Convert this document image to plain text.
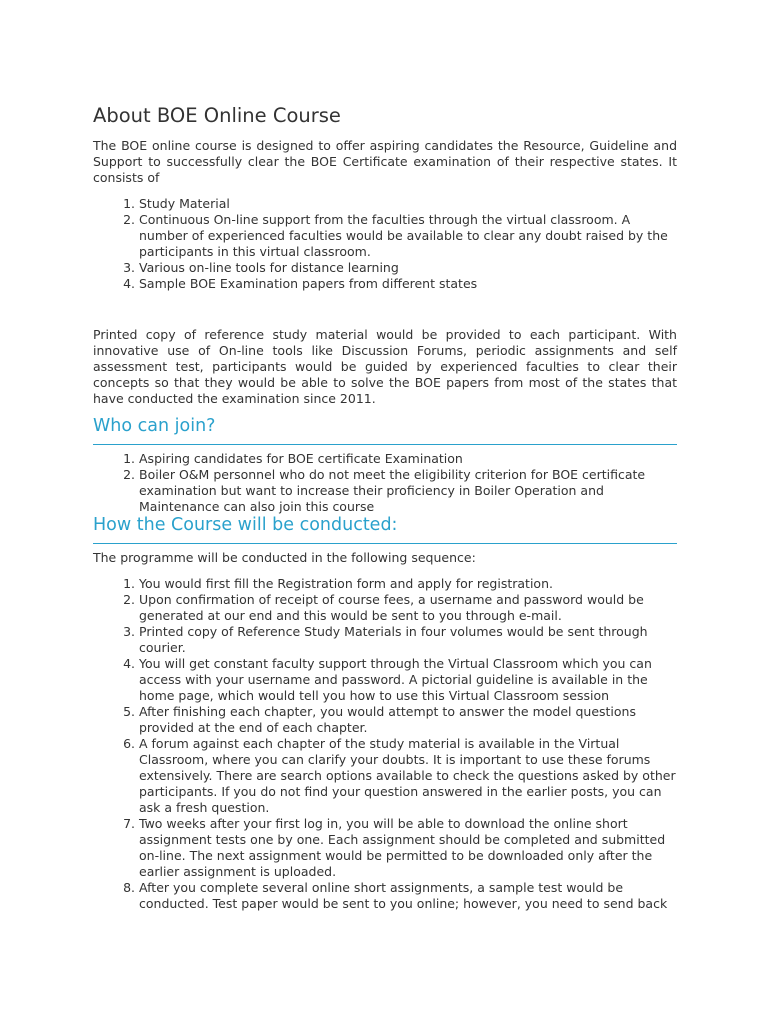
About BOE Online Course

The BOE online course is designed to offer aspiring candidates the Resource, Guideline and Support to successfully clear the BOE Certificate examination of their respective states. It consists of

1. Study Material
2. Continuous On-line support from the faculties through the virtual classroom. A number of experienced faculties would be available to clear any doubt raised by the participants in this virtual classroom.
3. Various on-line tools for distance learning
4. Sample BOE Examination papers from different states

Printed copy of reference study material would be provided to each participant. With innovative use of On-line tools like Discussion Forums, periodic assignments and self assessment test, participants would be guided by experienced faculties to clear their concepts so that they would be able to solve the BOE papers from most of the states that have conducted the examination since 2011.

Who can join?
1. Aspiring candidates for BOE certificate Examination
2. Boiler O&M personnel who do not meet the eligibility criterion for BOE certificate examination but want to increase their proficiency in Boiler Operation and Maintenance can also join this course
How the Course will be conducted:

The programme will be conducted in the following sequence:

1. You would first fill the Registration form and apply for registration.
2. Upon confirmation of receipt of course fees, a username and password would be generated at our end and this would be sent to you through e-mail.
3. Printed copy of Reference Study Materials in four volumes would be sent through courier.
4. You will get constant faculty support through the Virtual Classroom which you can access with your username and password. A pictorial guideline is available in the home page, which would tell you how to use this Virtual Classroom session
5. After finishing each chapter, you would attempt to answer the model questions provided at the end of each chapter.
6. A forum against each chapter of the study material is available in the Virtual Classroom, where you can clarify your doubts. It is important to use these forums extensively. There are search options available to check the questions asked by other participants. If you do not find your question answered in the earlier posts, you can ask a fresh question.
7. Two weeks after your first log in, you will be able to download the online short assignment tests one by one. Each assignment should be completed and submitted on-line. The next assignment would be permitted to be downloaded only after the earlier assignment is uploaded.
8. After you complete several online short assignments, a sample test would be conducted. Test paper would be sent to you online; however, you need to send back
